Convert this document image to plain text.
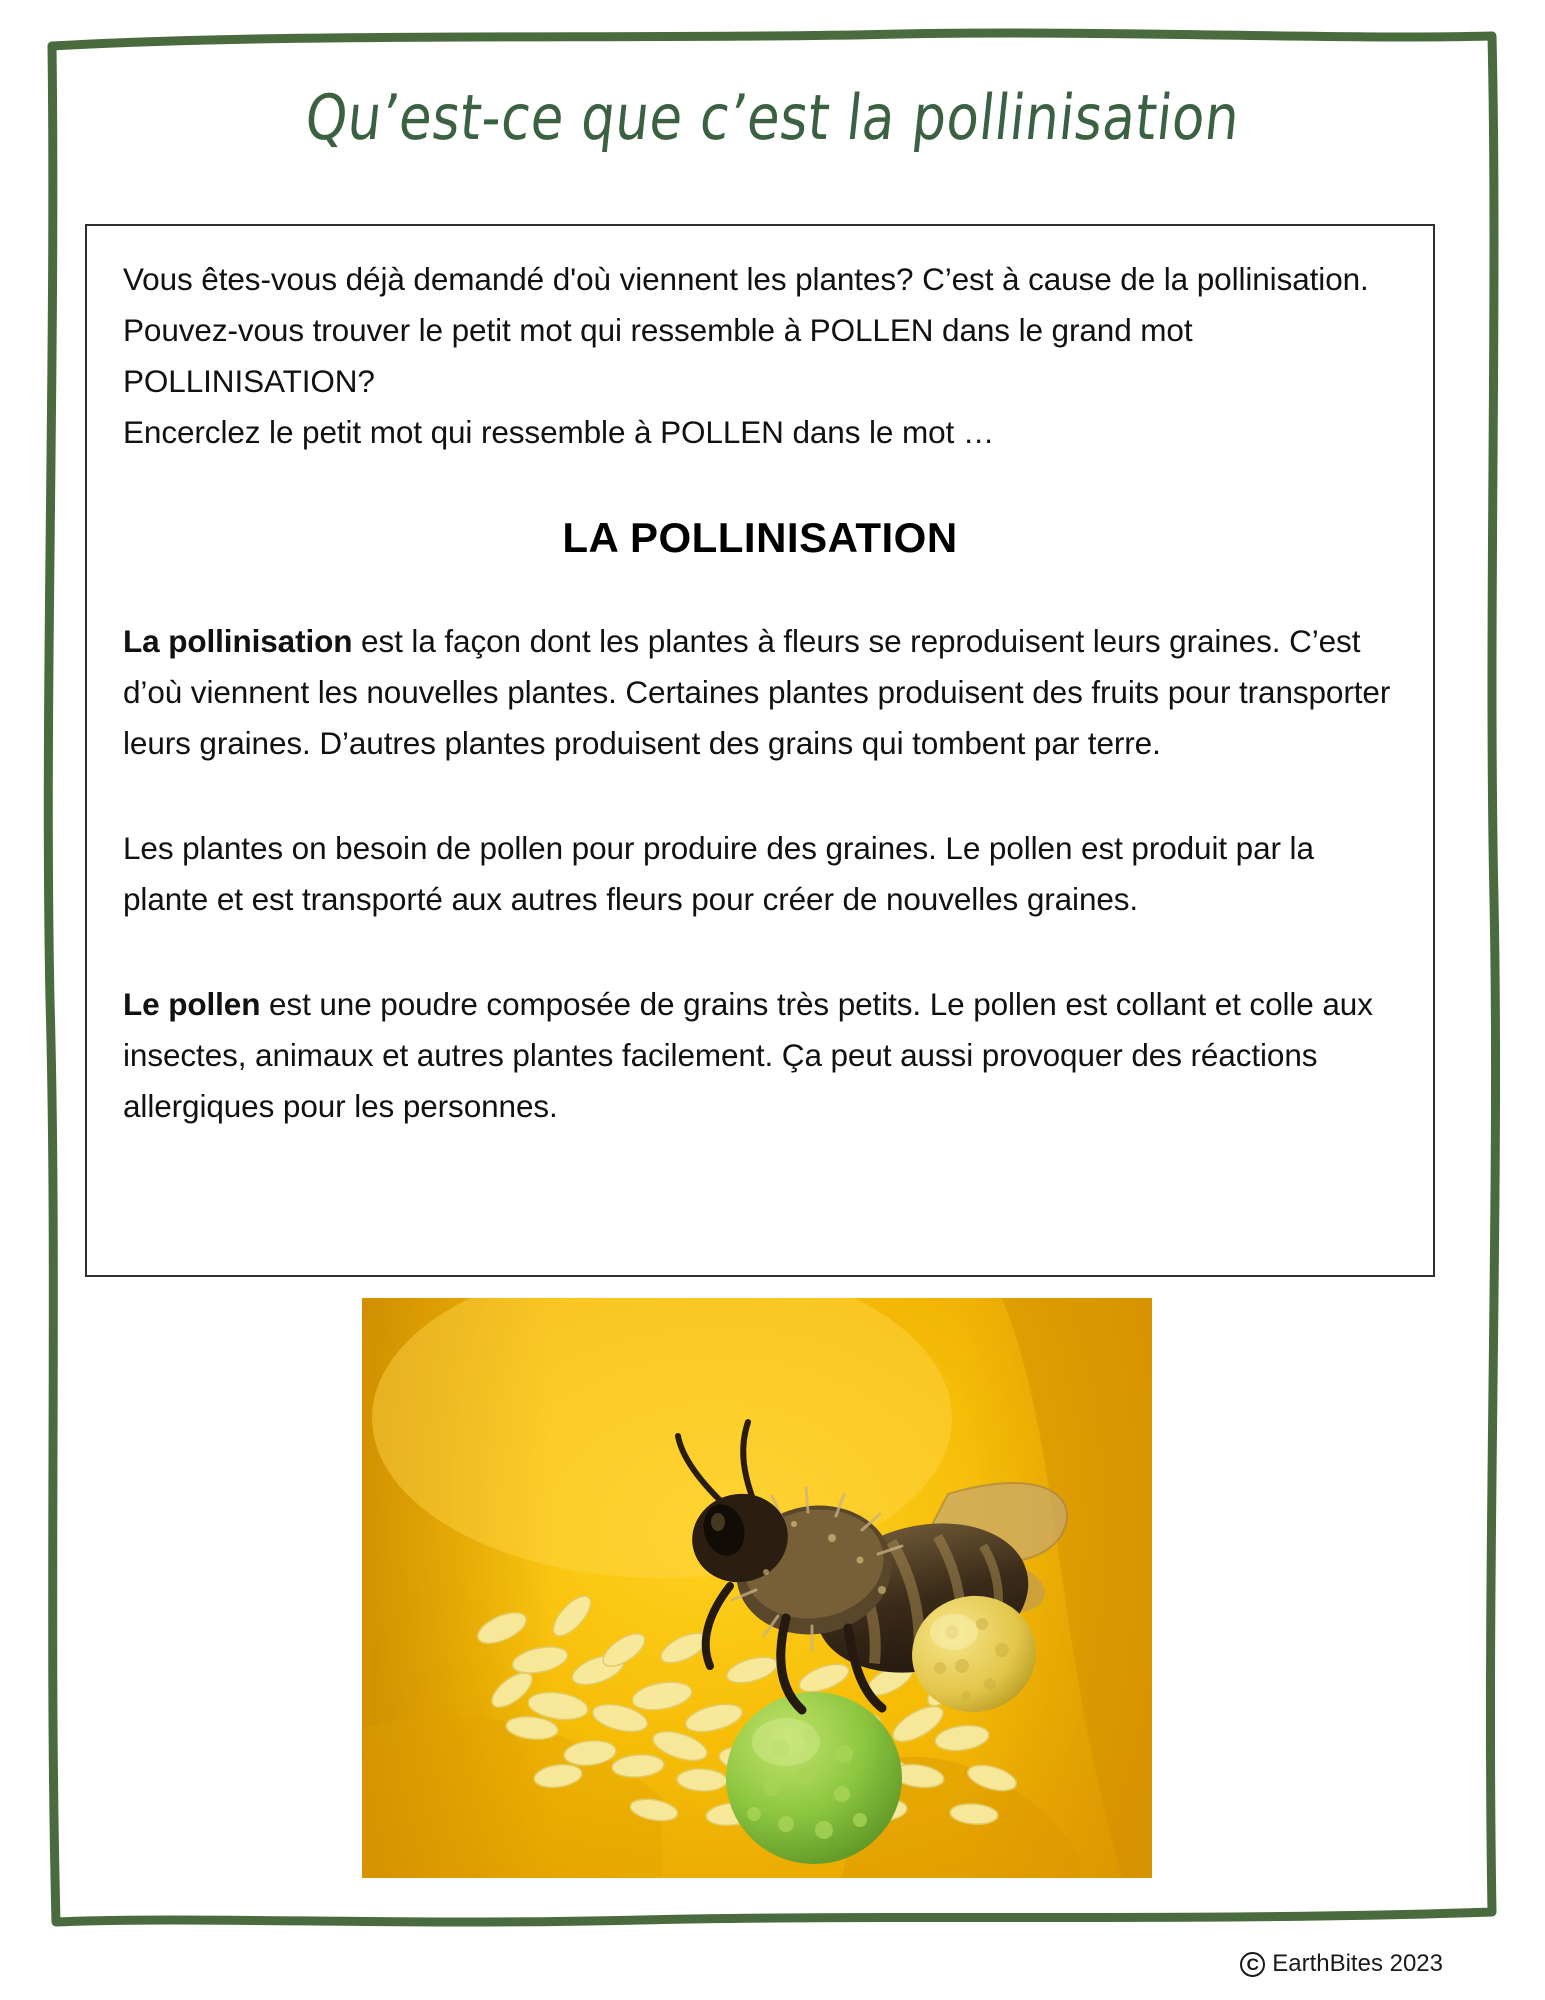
Qu’est-ce que c’est la pollinisation

Vous êtes-vous déjà demandé d'où viennent les plantes? C’est à cause de la pollinisation.

Pouvez-vous trouver le petit mot qui ressemble à POLLEN dans le grand mot POLLINISATION?

Encerclez le petit mot qui ressemble à POLLEN dans le mot …

LA POLLINISATION

La pollinisation est la façon dont les plantes à fleurs se reproduisent leurs graines. C’est d’où viennent les nouvelles plantes. Certaines plantes produisent des fruits pour transporter leurs graines. D’autres plantes produisent des grains qui tombent par terre.

Les plantes on besoin de pollen pour produire des graines. Le pollen est produit par la plante et est transporté aux autres fleurs pour créer de nouvelles graines.

Le pollen est une poudre composée de grains très petits. Le pollen est collant et colle aux insectes, animaux et autres plantes facilement. Ça peut aussi provoquer des réactions allergiques pour les personnes.

C EarthBites 2023
